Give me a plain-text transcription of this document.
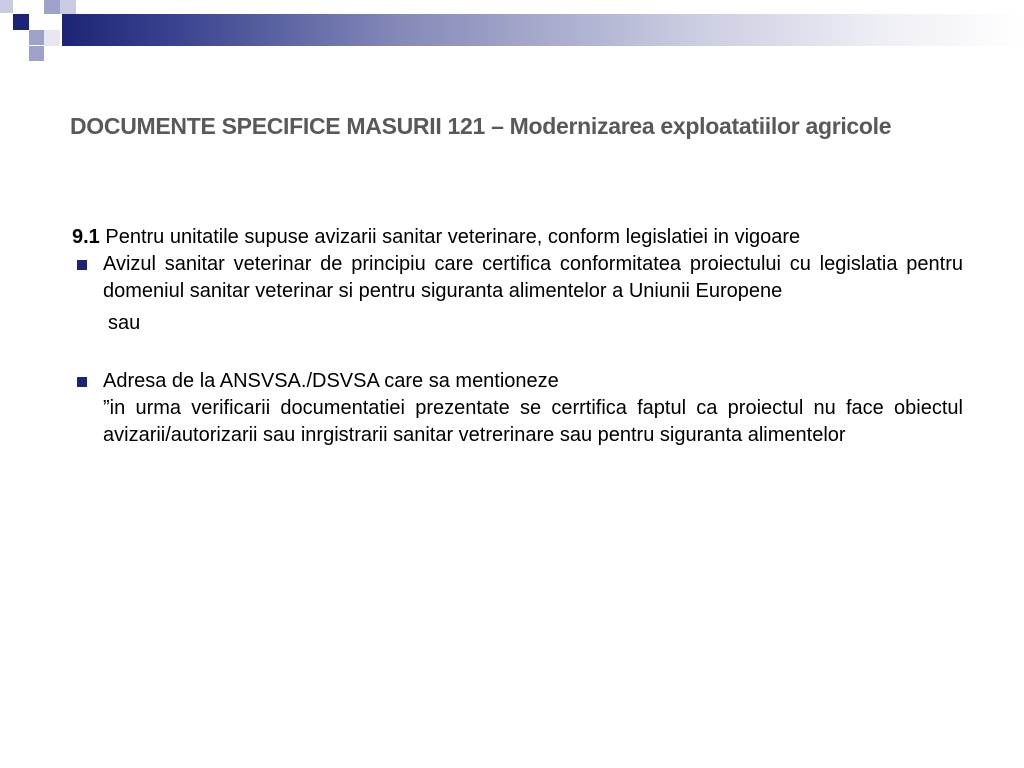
DOCUMENTE SPECIFICE MASURII 121 – Modernizarea exploatatiilor agricole

9.1 Pentru unitatile supuse avizarii sanitar veterinare, conform legislatiei in vigoare

Avizul sanitar veterinar de principiu care certifica conformitatea proiectului cu legislatia pentru domeniul sanitar veterinar si pentru siguranta alimentelor a Uniunii Europene

sau

Adresa de la ANSVSA./DSVSA care sa mentioneze

”in urma verificarii documentatiei prezentate se cerrtifica faptul ca proiectul nu face obiectul avizarii/autorizarii sau inrgistrarii sanitar vetrerinare sau pentru siguranta alimentelor
